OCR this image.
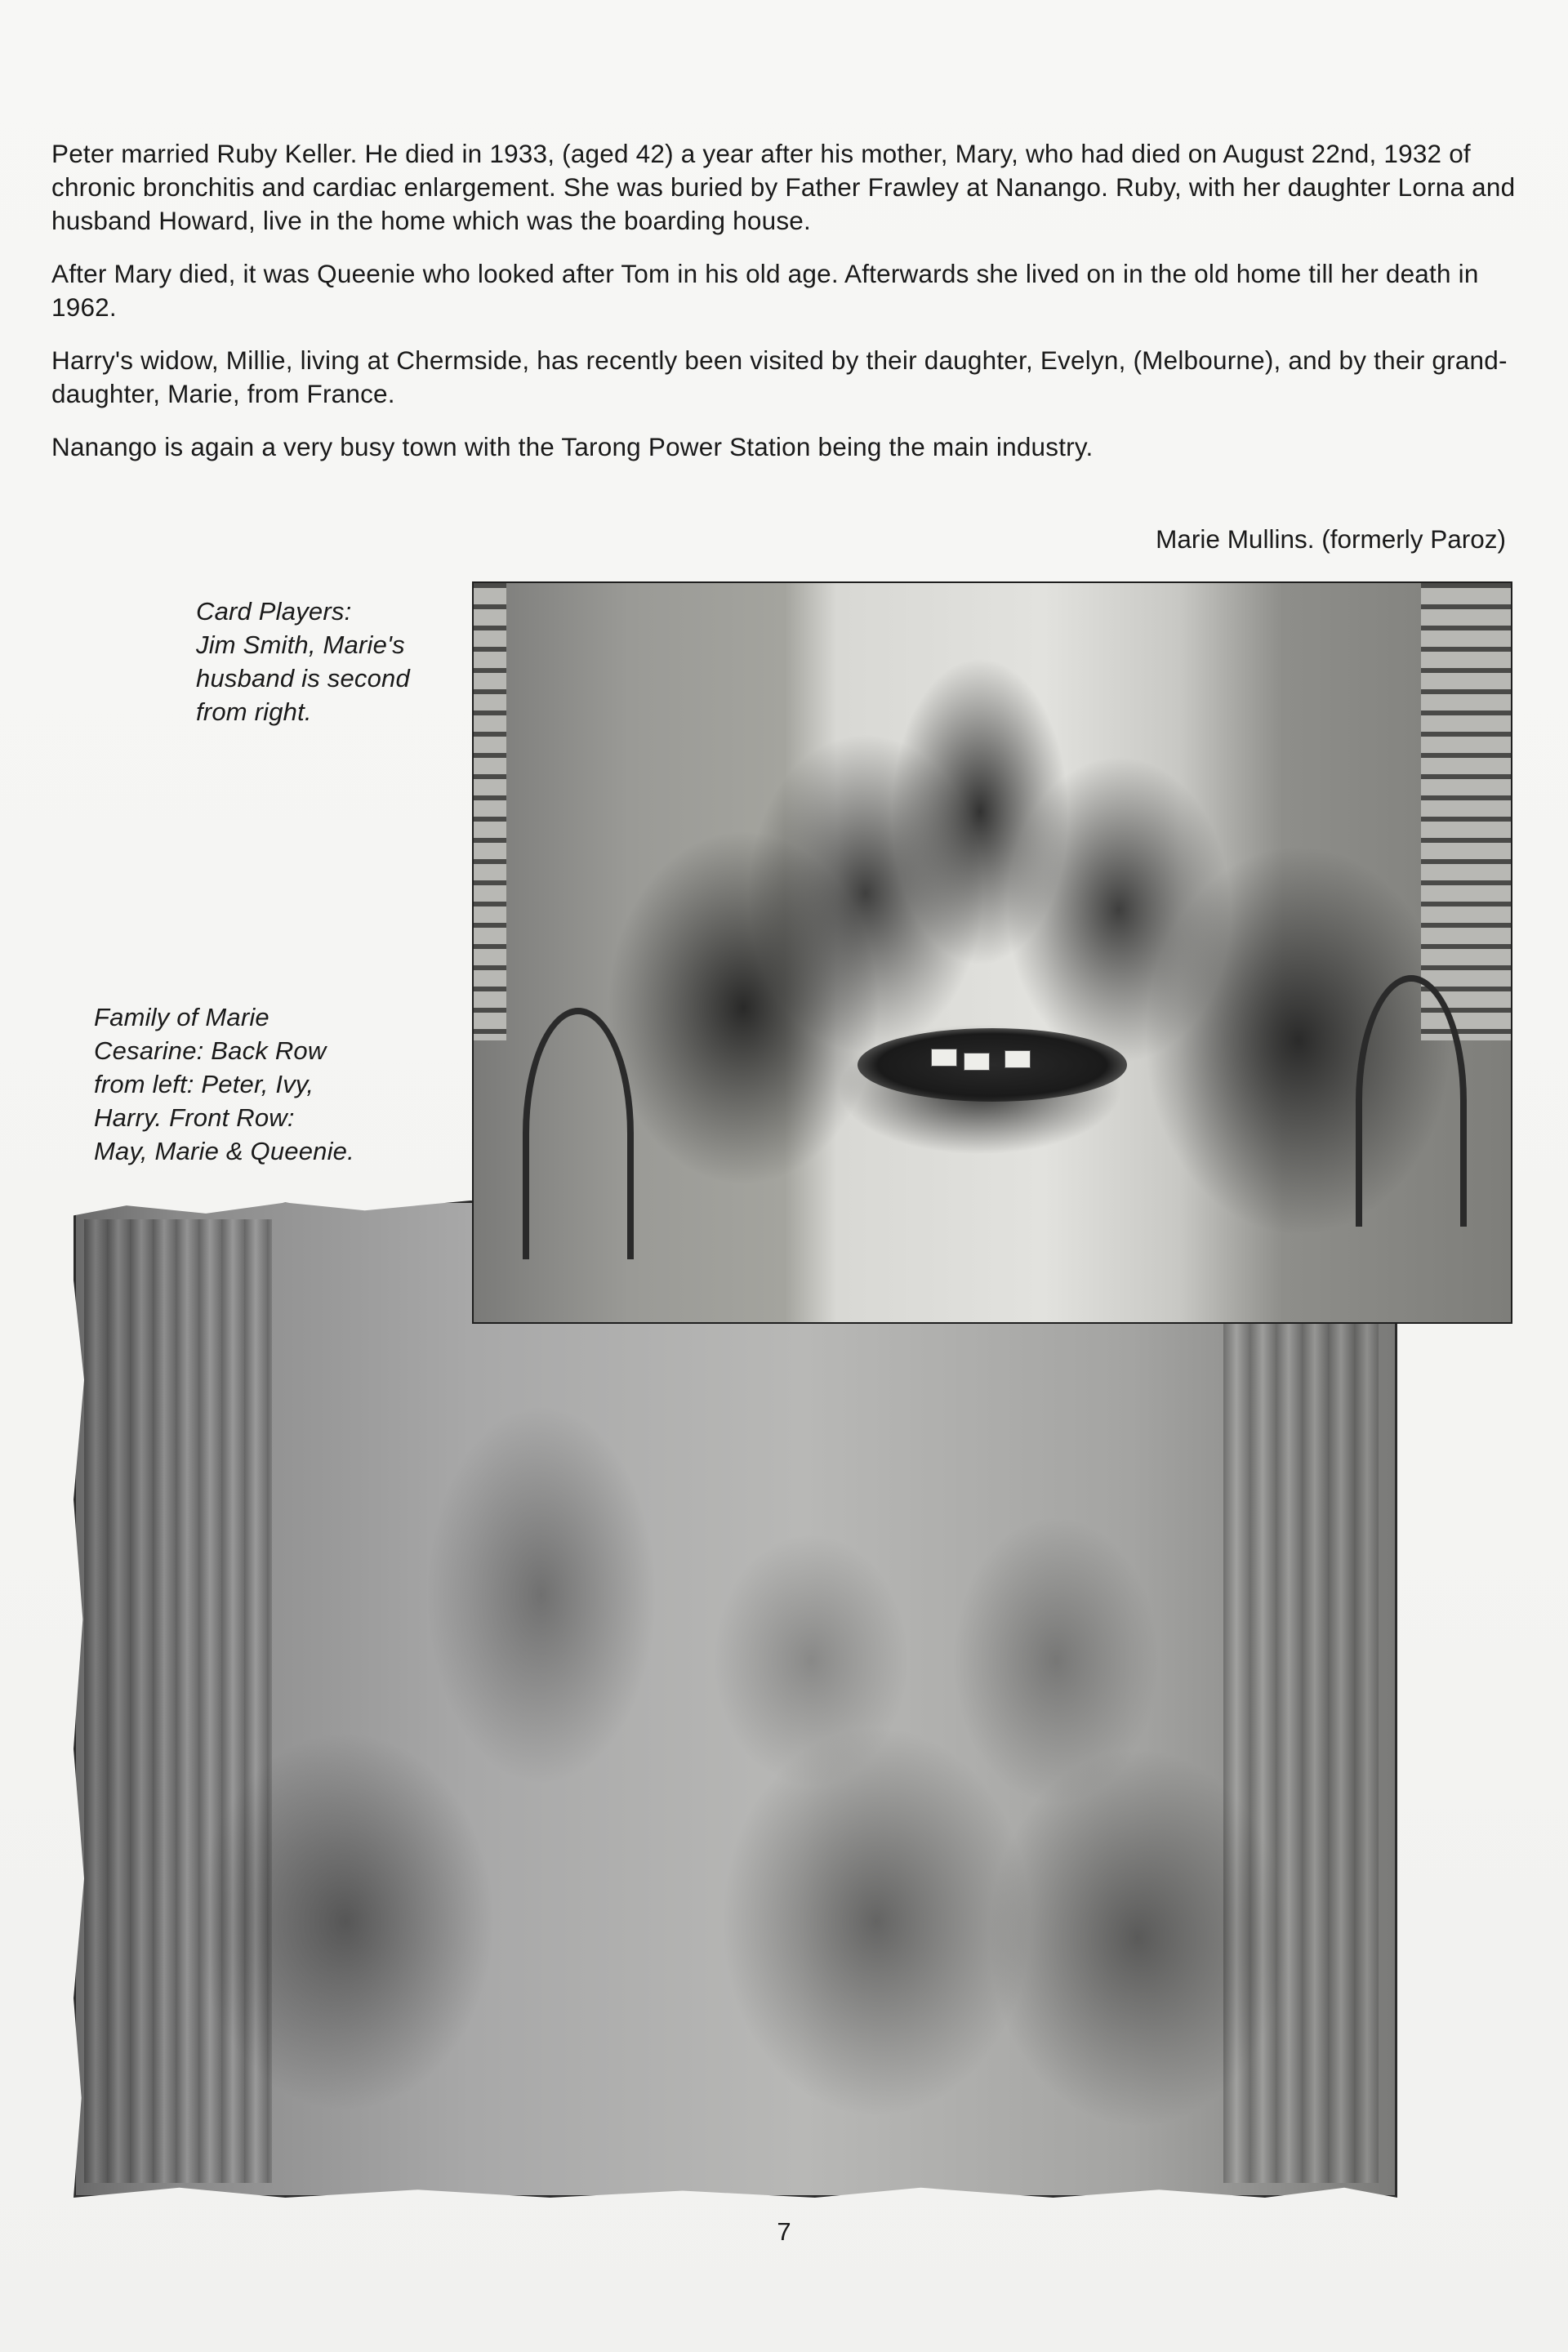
Peter married Ruby Keller. He died in 1933, (aged 42) a year after his mother, Mary, who had died on August 22nd, 1932 of chronic bronchitis and cardiac enlargement. She was buried by Father Frawley at Nanango. Ruby, with her daughter Lorna and husband Howard, live in the home which was the boarding house.

After Mary died, it was Queenie who looked after Tom in his old age. Afterwards she lived on in the old home till her death in 1962.

Harry's widow, Millie, living at Chermside, has recently been visited by their daughter, Evelyn, (Melbourne), and by their grand-daughter, Marie, from France.

Nanango is again a very busy town with the Tarong Power Station being the main industry.

Marie Mullins. (formerly Paroz)

Card Players:

Jim Smith, Marie's

husband is second

from right.

Family of Marie

Cesarine: Back Row

from left: Peter, Ivy,

Harry. Front Row:

May, Marie & Queenie.

7
